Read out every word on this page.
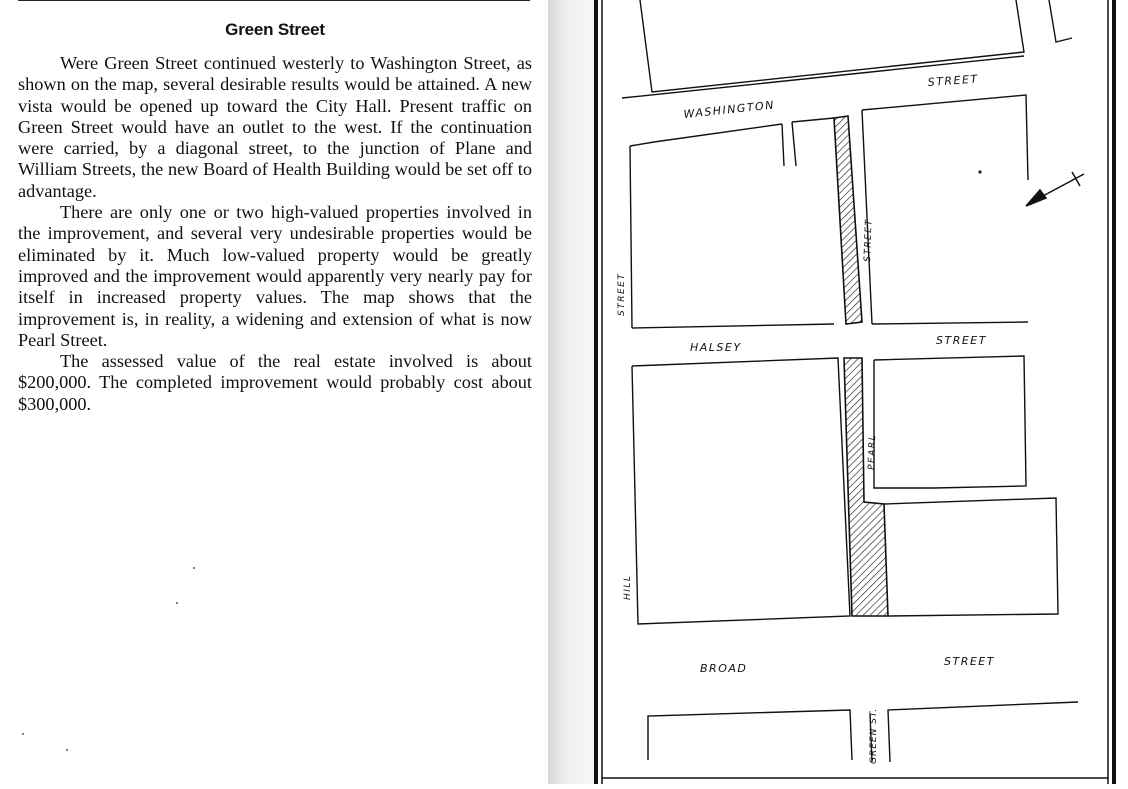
Green Street

Were Green Street continued westerly to Washington Street, as shown on the map, several desirable results would be attained. A new vista would be opened up toward the City Hall. Present traffic on Green Street would have an outlet to the west. If the continuation were carried, by a diagonal street, to the junction of Plane and William Streets, the new Board of Health Building would be set off to advantage.

There are only one or two high-valued properties involved in the improvement, and several very undesirable properties would be eliminated by it. Much low-valued property would be greatly improved and the improvement would apparently very nearly pay for itself in increased property values. The map shows that the improvement is, in reality, a widening and extension of what is now Pearl Street.

The assessed value of the real estate involved is about $200,000. The completed improvement would probably cost about $300,000.

WASHINGTON
STREET
STREET
STREET
HALSEY
STREET
PEARL
HILL
BROAD
STREET
GREEN ST.
